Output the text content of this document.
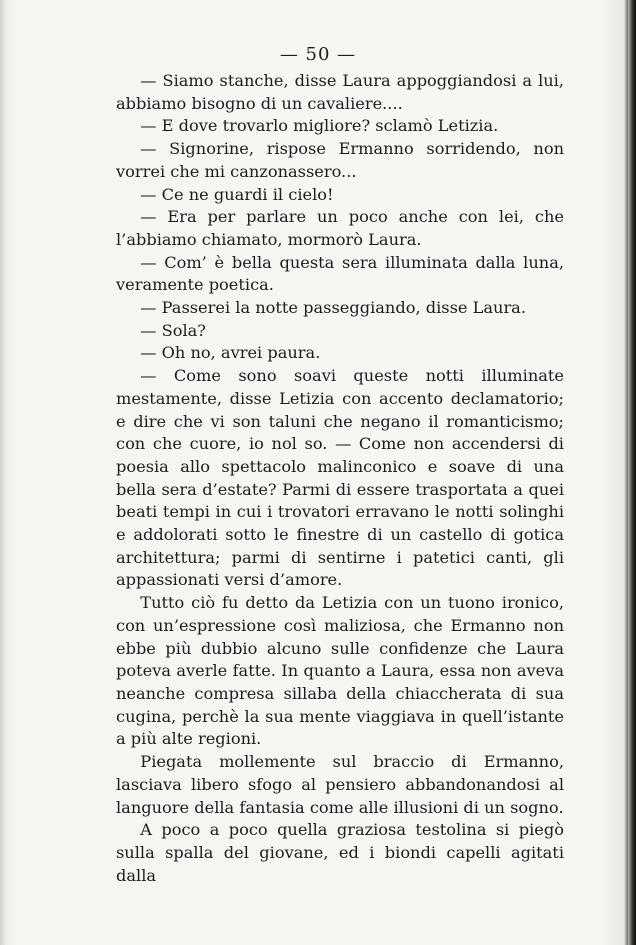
— 50 —

— Siamo stanche, disse Laura appoggiandosi a lui, abbiamo bisogno di un cavaliere....

— E dove trovarlo migliore? sclamò Letizia.

— Signorine, rispose Ermanno sorridendo, non vorrei che mi canzonassero...

— Ce ne guardi il cielo!

— Era per parlare un poco anche con lei, che l’abbiamo chiamato, mormorò Laura.

— Com’ è bella questa sera illuminata dalla luna, veramente poetica.

— Passerei la notte passeggiando, disse Laura.

— Sola?

— Oh no, avrei paura.

— Come sono soavi queste notti illuminate mestamente, disse Letizia con accento declamatorio; e dire che vi son taluni che negano il romanticismo; con che cuore, io nol so. — Come non accendersi di poesia allo spettacolo malinconico e soave di una bella sera d’estate? Parmi di essere trasportata a quei beati tempi in cui i trovatori erravano le notti solinghi e addolorati sotto le finestre di un castello di gotica architettura; parmi di sentirne i patetici canti, gli appassionati versi d’amore.

Tutto ciò fu detto da Letizia con un tuono ironico, con un’espressione così maliziosa, che Ermanno non ebbe più dubbio alcuno sulle confidenze che Laura poteva averle fatte. In quanto a Laura, essa non aveva neanche compresa sillaba della chiaccherata di sua cugina, perchè la sua mente viaggiava in quell’istante a più alte regioni.

Piegata mollemente sul braccio di Ermanno, lasciava libero sfogo al pensiero abbandonandosi al languore della fantasia come alle illusioni di un sogno.

A poco a poco quella graziosa testolina si piegò sulla spalla del giovane, ed i biondi capelli agitati dalla
